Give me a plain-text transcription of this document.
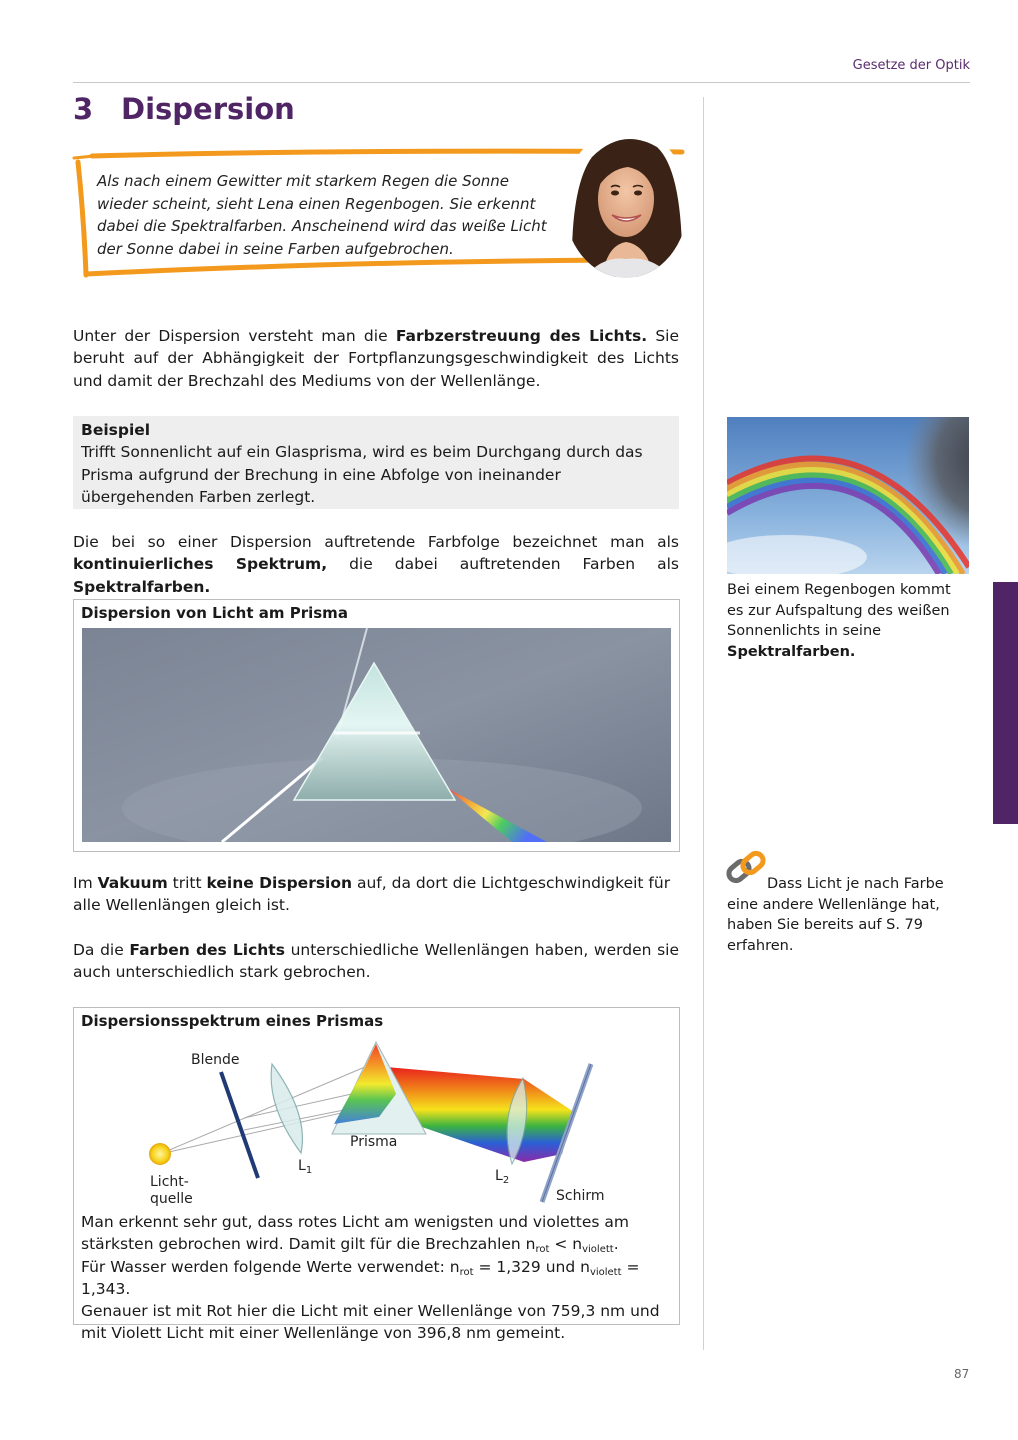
Gesetze der Optik
3 Dispersion
Als nach einem Gewitter mit starkem Regen die Sonne wieder scheint, sieht Lena einen Regenbogen. Sie erkennt dabei die Spektralfarben. Anscheinend wird das weiße Licht der Sonne dabei in seine Farben aufgebrochen.
Unter der Dispersion versteht man die Farbzerstreuung des Lichts. Sie beruht auf der Abhängigkeit der Fortpflanzungsgeschwindigkeit des Lichts und damit der Brechzahl des Mediums von der Wellenlänge.
Beispiel
Trifft Sonnenlicht auf ein Glasprisma, wird es beim Durchgang durch das Prisma aufgrund der Brechung in eine Abfolge von ineinander übergehenden Farben zerlegt.
Die bei so einer Dispersion auftretende Farbfolge bezeichnet man als kontinuierliches Spektrum, die dabei auftretenden Farben als Spektralfarben.
Dispersion von Licht am Prisma
Im Vakuum tritt keine Dispersion auf, da dort die Lichtgeschwindigkeit für alle Wellenlängen gleich ist.
Da die Farben des Lichts unterschiedliche Wellenlängen haben, werden sie auch unterschiedlich stark gebrochen.
Dispersionsspektrum eines Prismas
Blende
Licht-
quelle
$L_1$
Prisma
$L_2$
Schirm
Man erkennt sehr gut, dass rotes Licht am wenigsten und violettes am stärksten gebrochen wird. Damit gilt für die Brechzahlen $n_{rot} < n_{violett}$.
Für Wasser werden folgende Werte verwendet: $n_{rot} = 1,329$ und $n_{violett} = 1,343$.
Genauer ist mit Rot hier die Licht mit einer Wellenlänge von 759,3 nm und mit Violett Licht mit einer Wellenlänge von 396,8 nm gemeint.
Bei einem Regenbogen kommt es zur Aufspaltung des weißen Sonnenlichts in seine Spektralfarben.
Dass Licht je nach Farbe eine andere Wellenlänge hat, haben Sie bereits auf S. 79 erfahren.
87
